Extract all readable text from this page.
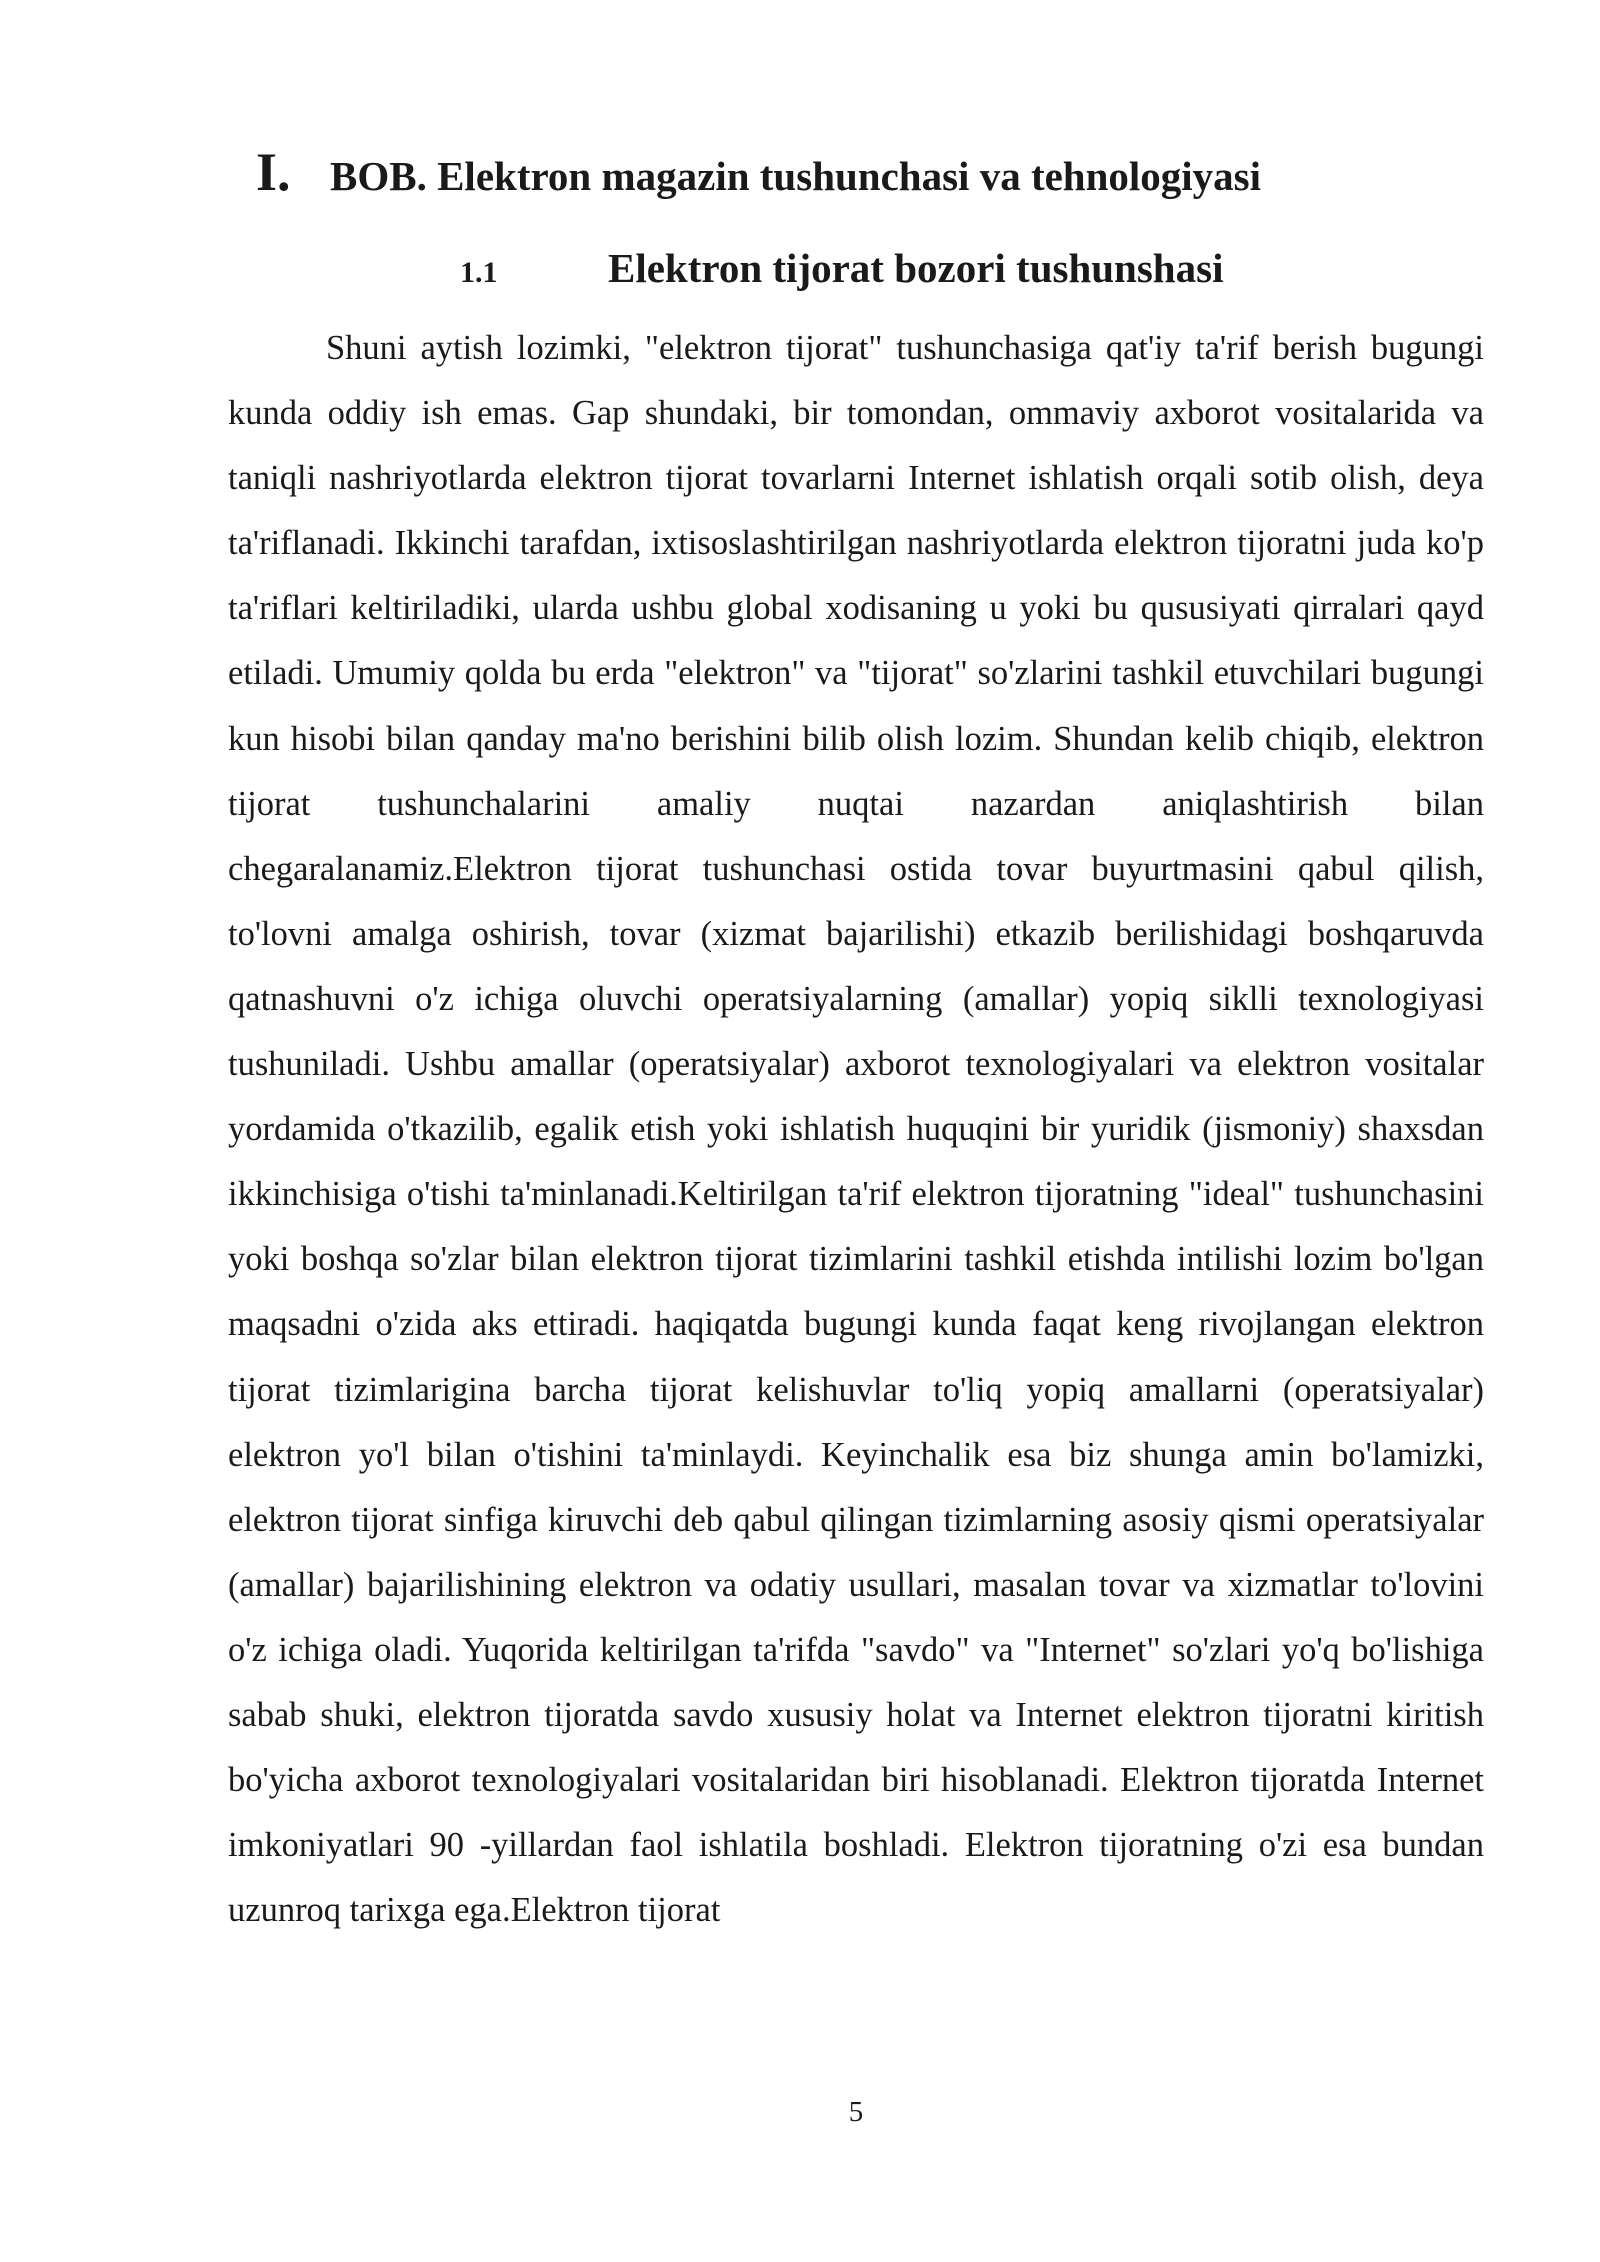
I. BOB. Elektron magazin tushunchasi va tehnologiyasi
1.1	Elektron tijorat bozori tushunshasi

Shuni aytish lozimki, "elektron tijorat" tushunchasiga qat'iy ta'rif berish bugungi kunda oddiy ish emas. Gap shundaki, bir tomondan, ommaviy axborot vositalarida va taniqli nashriyotlarda elektron tijorat tovarlarni Internet ishlatish orqali sotib olish, deya ta'riflanadi. Ikkinchi tarafdan, ixtisoslashtirilgan nashriyotlarda elektron tijoratni juda ko'p ta'riflari keltiriladiki, ularda ushbu global xodisaning u yoki bu qususiyati qirralari qayd etiladi. Umumiy qolda bu erda "elektron" va "tijorat" so'zlarini tashkil etuvchilari bugungi kun hisobi bilan qanday ma'no berishini bilib olish lozim. Shundan kelib chiqib, elektron tijorat tushunchalarini amaliy nuqtai nazardan aniqlashtirish bilan chegaralanamiz.Elektron tijorat tushunchasi ostida tovar buyurtmasini qabul qilish, to'lovni amalga oshirish, tovar (xizmat bajarilishi) etkazib berilishidagi boshqaruvda qatnashuvni o'z ichiga oluvchi operatsiyalarning (amallar) yopiq siklli texnologiyasi tushuniladi. Ushbu amallar (operatsiyalar) axborot texnologiyalari va elektron vositalar yordamida o'tkazilib, egalik etish yoki ishlatish huquqini bir yuridik (jismoniy) shaxsdan ikkinchisiga o'tishi ta'minlanadi.Keltirilgan ta'rif elektron tijoratning "ideal" tushunchasini yoki boshqa so'zlar bilan elektron tijorat tizimlarini tashkil etishda intilishi lozim bo'lgan maqsadni o'zida aks ettiradi. haqiqatda bugungi kunda faqat keng rivojlangan elektron tijorat tizimlarigina barcha tijorat kelishuvlar to'liq yopiq amallarni (operatsiyalar) elektron yo'l bilan o'tishini ta'minlaydi. Keyinchalik esa biz shunga amin bo'lamizki, elektron tijorat sinfiga kiruvchi deb qabul qilingan tizimlarning asosiy qismi operatsiyalar (amallar) bajarilishining elektron va odatiy usullari, masalan tovar va xizmatlar to'lovini o'z ichiga oladi. Yuqorida keltirilgan ta'rifda "savdo" va "Internet" so'zlari yo'q bo'lishiga sabab shuki, elektron tijoratda savdo xususiy holat va Internet elektron tijoratni kiritish bo'yicha axborot texnologiyalari vositalaridan biri hisoblanadi. Elektron tijoratda Internet imkoniyatlari 90 -yillardan faol ishlatila boshladi. Elektron tijoratning o'zi esa bundan uzunroq tarixga ega.Elektron tijorat

5
